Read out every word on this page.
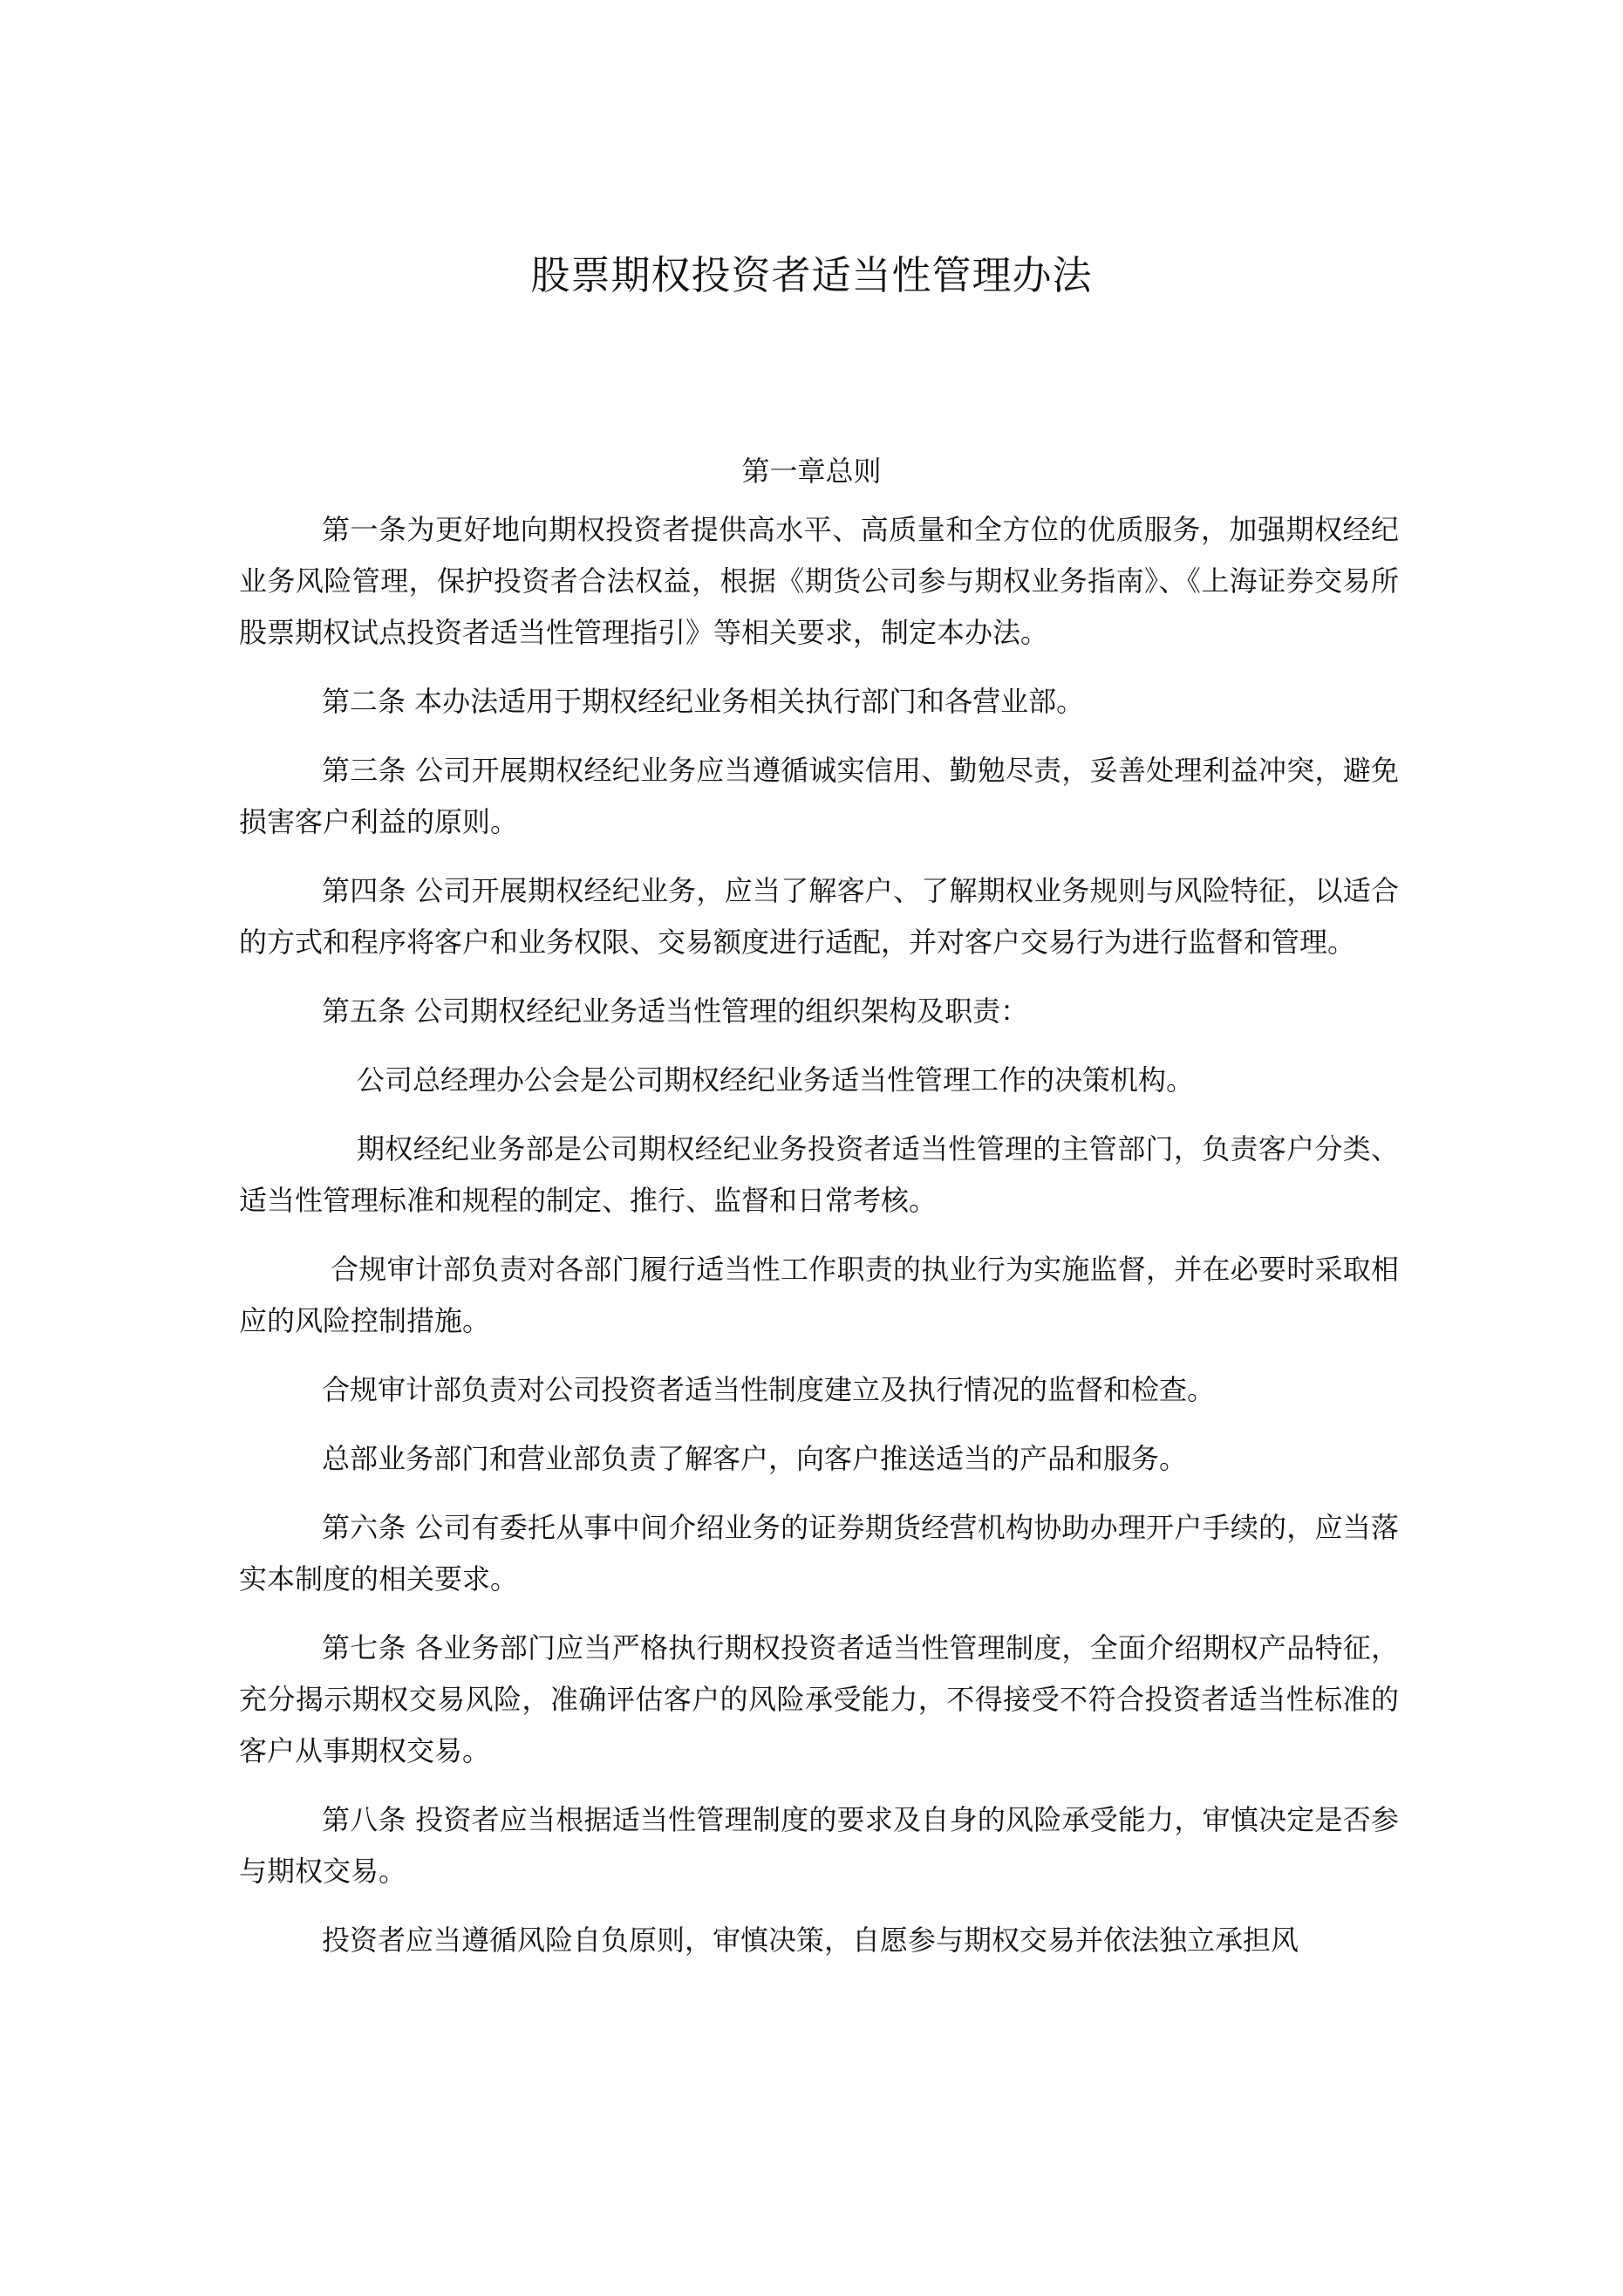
股票期权投资者适当性管理办法
第一章总则

第一条为更好地向期权投资者提供高水平、高质量和全方位的优质服务，加强期权经纪业务风险管理，保护投资者合法权益，根据《期货公司参与期权业务指南》、《上海证券交易所股票期权试点投资者适当性管理指引》等相关要求，制定本办法。

第二条 本办法适用于期权经纪业务相关执行部门和各营业部。

第三条 公司开展期权经纪业务应当遵循诚实信用、勤勉尽责，妥善处理利益冲突，避免损害客户利益的原则。

第四条 公司开展期权经纪业务，应当了解客户、了解期权业务规则与风险特征，以适合的方式和程序将客户和业务权限、交易额度进行适配，并对客户交易行为进行监督和管理。

第五条 公司期权经纪业务适当性管理的组织架构及职责：

公司总经理办公会是公司期权经纪业务适当性管理工作的决策机构。

期权经纪业务部是公司期权经纪业务投资者适当性管理的主管部门，负责客户分类、适当性管理标准和规程的制定、推行、监督和日常考核。

合规审计部负责对各部门履行适当性工作职责的执业行为实施监督，并在必要时采取相应的风险控制措施。

合规审计部负责对公司投资者适当性制度建立及执行情况的监督和检查。

总部业务部门和营业部负责了解客户，向客户推送适当的产品和服务。

第六条 公司有委托从事中间介绍业务的证券期货经营机构协助办理开户手续的，应当落实本制度的相关要求。

第七条 各业务部门应当严格执行期权投资者适当性管理制度，全面介绍期权产品特征，充分揭示期权交易风险，准确评估客户的风险承受能力，不得接受不符合投资者适当性标准的客户从事期权交易。

第八条 投资者应当根据适当性管理制度的要求及自身的风险承受能力，审慎决定是否参与期权交易。

投资者应当遵循风险自负原则，审慎决策，自愿参与期权交易并依法独立承担风
